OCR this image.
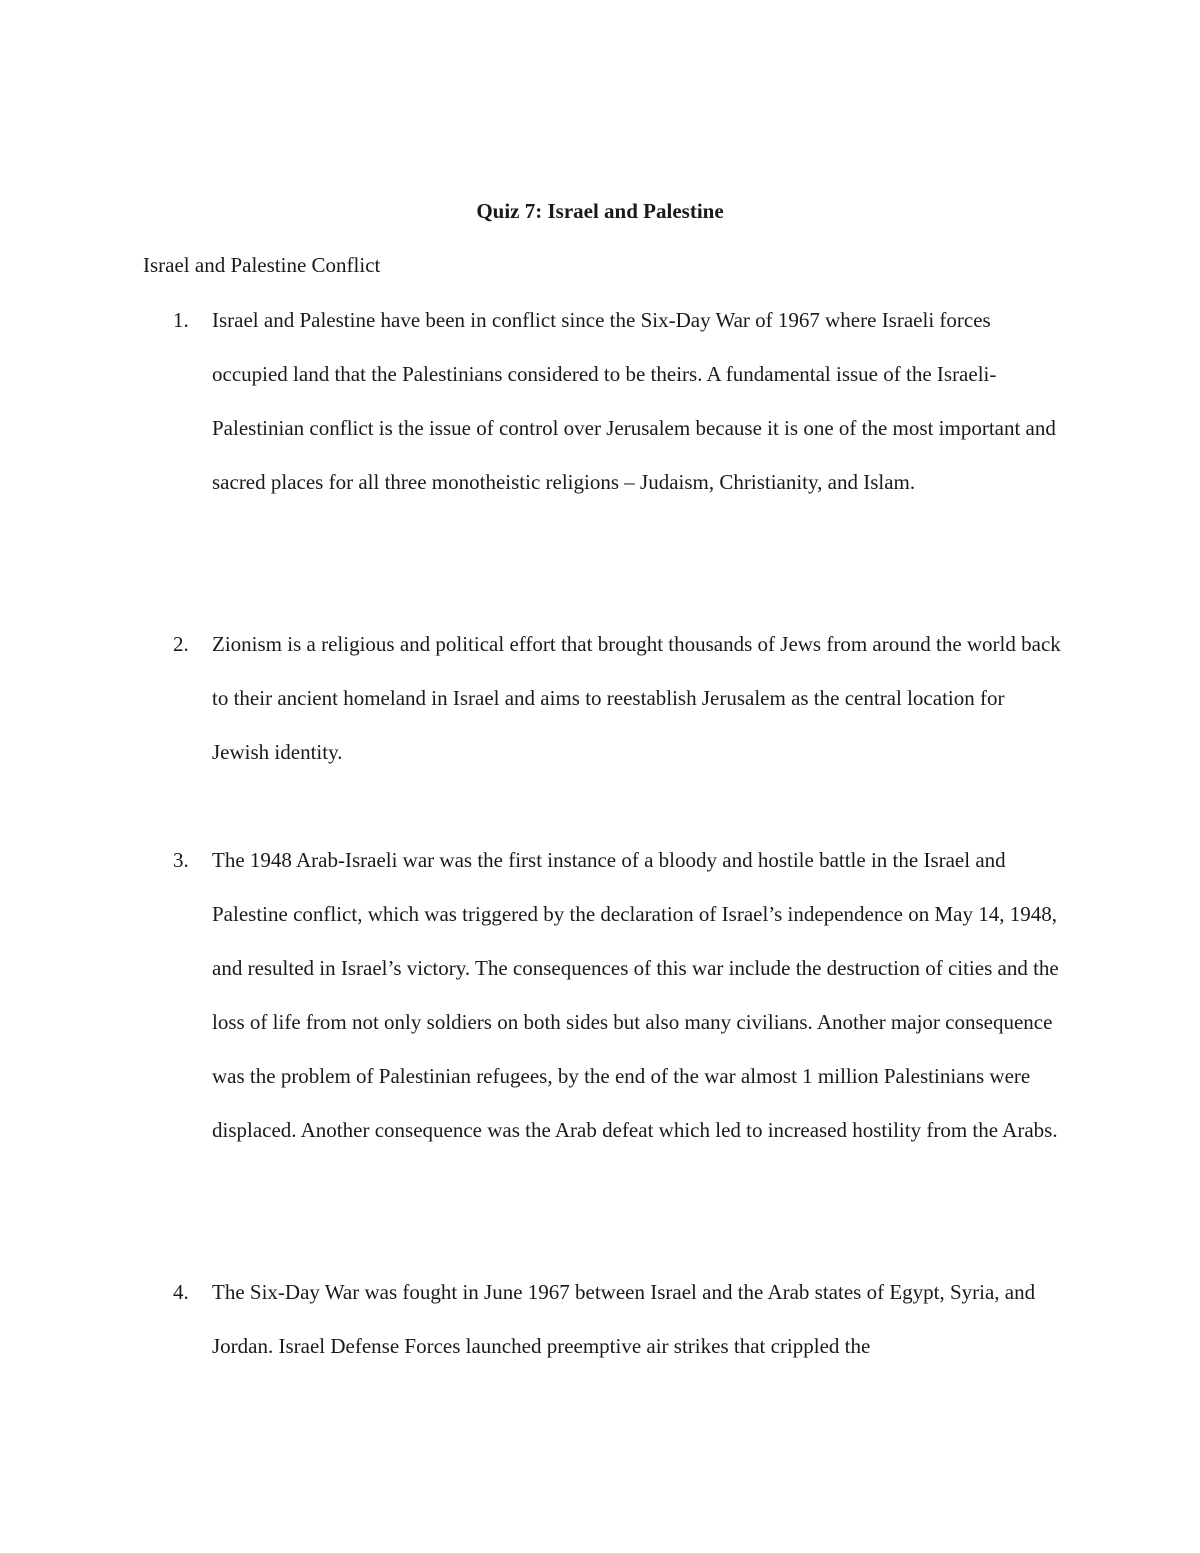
Quiz 7: Israel and Palestine
Israel and Palestine Conflict
1. Israel and Palestine have been in conflict since the Six-Day War of 1967 where Israeli forces occupied land that the Palestinians considered to be theirs. A fundamental issue of the Israeli-Palestinian conflict is the issue of control over Jerusalem because it is one of the most important and sacred places for all three monotheistic religions – Judaism, Christianity, and Islam.
2. Zionism is a religious and political effort that brought thousands of Jews from around the world back to their ancient homeland in Israel and aims to reestablish Jerusalem as the central location for Jewish identity.
3. The 1948 Arab-Israeli war was the first instance of a bloody and hostile battle in the Israel and Palestine conflict, which was triggered by the declaration of Israel’s independence on May 14, 1948, and resulted in Israel’s victory. The consequences of this war include the destruction of cities and the loss of life from not only soldiers on both sides but also many civilians. Another major consequence was the problem of Palestinian refugees, by the end of the war almost 1 million Palestinians were displaced. Another consequence was the Arab defeat which led to increased hostility from the Arabs.
4. The Six-Day War was fought in June 1967 between Israel and the Arab states of Egypt, Syria, and Jordan. Israel Defense Forces launched preemptive air strikes that crippled the
